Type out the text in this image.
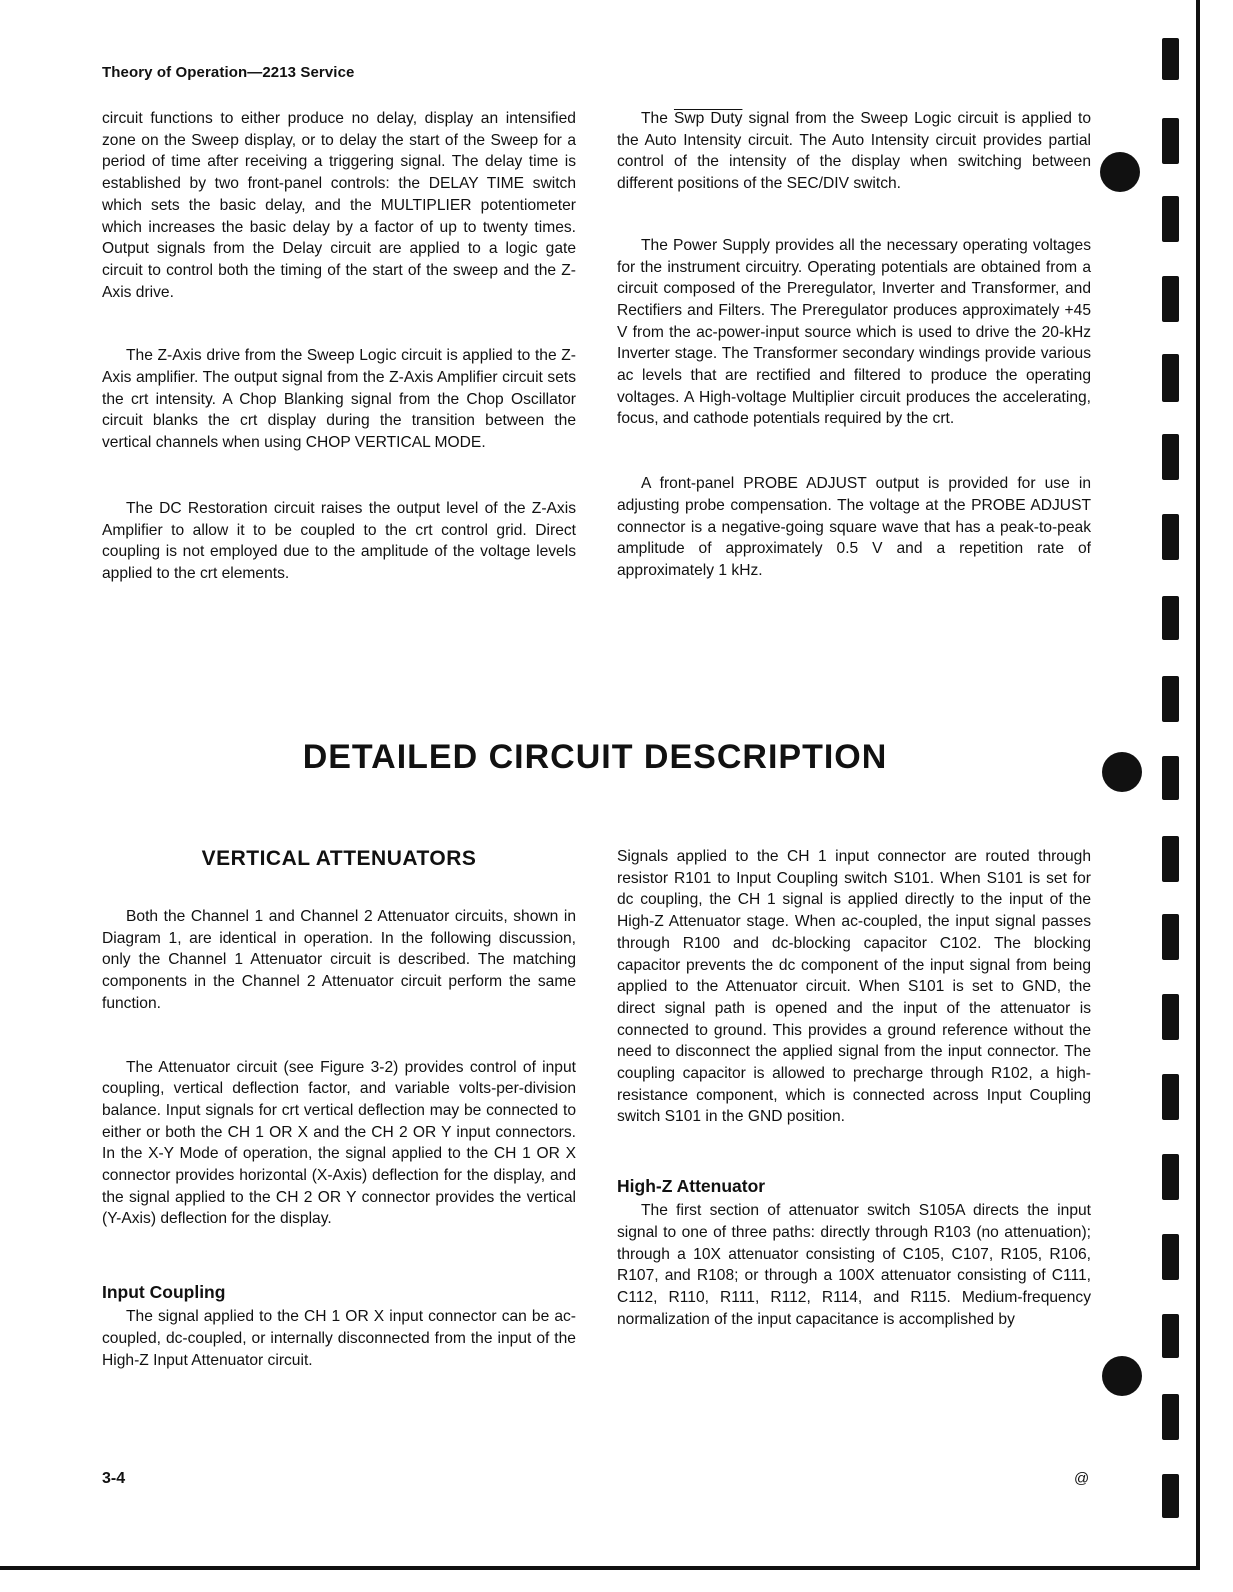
Theory of Operation—2213 Service

circuit functions to either produce no delay, display an intensified zone on the Sweep display, or to delay the start of the Sweep for a period of time after receiving a triggering signal. The delay time is established by two front-panel controls: the DELAY TIME switch which sets the basic delay, and the MULTIPLIER potentiometer which increases the basic delay by a factor of up to twenty times. Output signals from the Delay circuit are applied to a logic gate circuit to control both the timing of the start of the sweep and the Z-Axis drive.

The Z-Axis drive from the Sweep Logic circuit is applied to the Z-Axis amplifier. The output signal from the Z-Axis Amplifier circuit sets the crt intensity. A Chop Blanking signal from the Chop Oscillator circuit blanks the crt display during the transition between the vertical channels when using CHOP VERTICAL MODE.

The DC Restoration circuit raises the output level of the Z-Axis Amplifier to allow it to be coupled to the crt control grid. Direct coupling is not employed due to the amplitude of the voltage levels applied to the crt elements.

The Swp Duty signal from the Sweep Logic circuit is applied to the Auto Intensity circuit. The Auto Intensity circuit provides partial control of the intensity of the display when switching between different positions of the SEC/DIV switch.

The Power Supply provides all the necessary operating voltages for the instrument circuitry. Operating potentials are obtained from a circuit composed of the Preregulator, Inverter and Transformer, and Rectifiers and Filters. The Preregulator produces approximately +45 V from the ac-power-input source which is used to drive the 20-kHz Inverter stage. The Transformer secondary windings provide various ac levels that are rectified and filtered to produce the operating voltages. A High-voltage Multiplier circuit produces the accelerating, focus, and cathode potentials required by the crt.

A front-panel PROBE ADJUST output is provided for use in adjusting probe compensation. The voltage at the PROBE ADJUST connector is a negative-going square wave that has a peak-to-peak amplitude of approximately 0.5 V and a repetition rate of approximately 1 kHz.

DETAILED CIRCUIT DESCRIPTION
VERTICAL ATTENUATORS

Both the Channel 1 and Channel 2 Attenuator circuits, shown in Diagram 1, are identical in operation. In the following discussion, only the Channel 1 Attenuator circuit is described. The matching components in the Channel 2 Attenuator circuit perform the same function.

The Attenuator circuit (see Figure 3-2) provides control of input coupling, vertical deflection factor, and variable volts-per-division balance. Input signals for crt vertical deflection may be connected to either or both the CH 1 OR X and the CH 2 OR Y input connectors. In the X-Y Mode of operation, the signal applied to the CH 1 OR X connector provides horizontal (X-Axis) deflection for the display, and the signal applied to the CH 2 OR Y connector provides the vertical (Y-Axis) deflection for the display.

Input Coupling

The signal applied to the CH 1 OR X input connector can be ac-coupled, dc-coupled, or internally disconnected from the input of the High-Z Input Attenuator circuit.

Signals applied to the CH 1 input connector are routed through resistor R101 to Input Coupling switch S101. When S101 is set for dc coupling, the CH 1 signal is applied directly to the input of the High-Z Attenuator stage. When ac-coupled, the input signal passes through R100 and dc-blocking capacitor C102. The blocking capacitor prevents the dc component of the input signal from being applied to the Attenuator circuit. When S101 is set to GND, the direct signal path is opened and the input of the attenuator is connected to ground. This provides a ground reference without the need to disconnect the applied signal from the input connector. The coupling capacitor is allowed to precharge through R102, a high-resistance component, which is connected across Input Coupling switch S101 in the GND position.

High-Z Attenuator

The first section of attenuator switch S105A directs the input signal to one of three paths: directly through R103 (no attenuation); through a 10X attenuator consisting of C105, C107, R105, R106, R107, and R108; or through a 100X attenuator consisting of C111, C112, R110, R111, R112, R114, and R115. Medium-frequency normalization of the input capacitance is accomplished by

3-4	@
